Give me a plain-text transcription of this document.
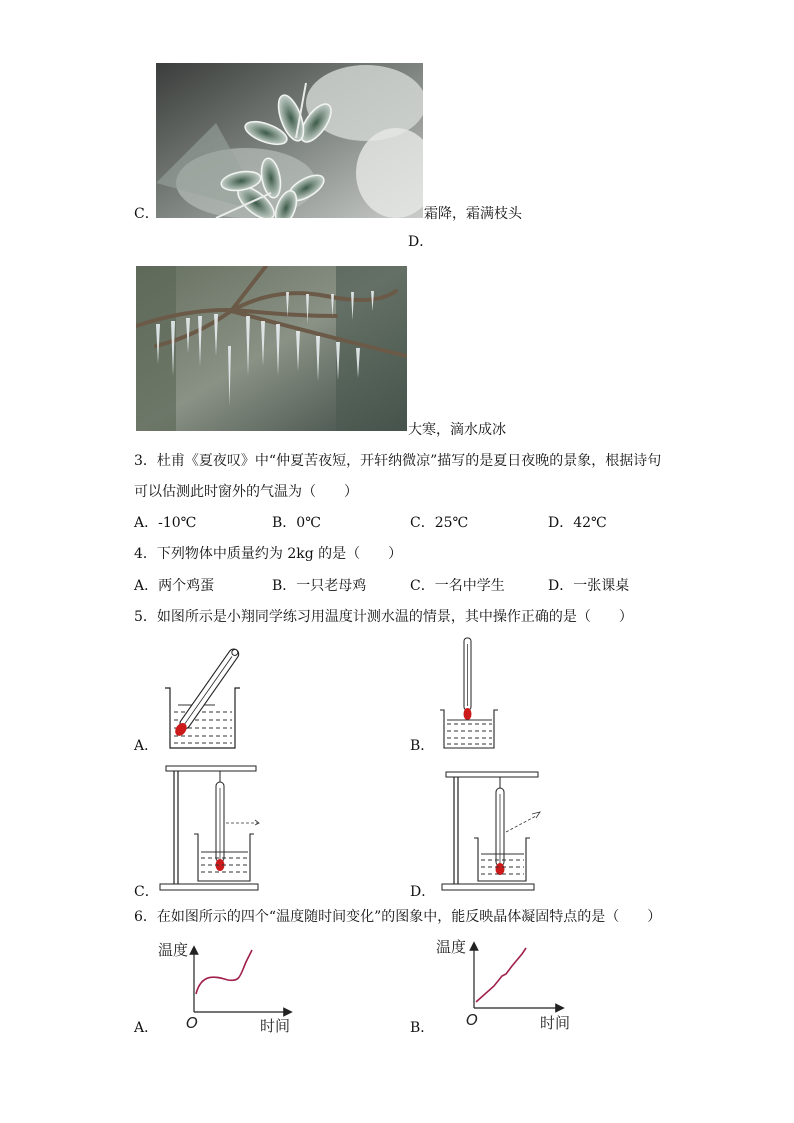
C．	霜降，霜满枝头
D．
大寒，滴水成冰
3．杜甫《夏夜叹》中“仲夏苦夜短，开轩纳微凉”描写的是夏日夜晚的景象，根据诗句
可以估测此时窗外的气温为（　　）
A．-10℃	B．0℃	C．25℃	D．42℃
4．下列物体中质量约为 2kg 的是（　　）
A．两个鸡蛋	B．一只老母鸡	C．一名中学生	D．一张课桌
5．如图所示是小翔同学练习用温度计测水温的情景，其中操作正确的是（　　）
A．	B．
C．	D．
6．在如图所示的四个“温度随时间变化”的图象中，能反映晶体凝固特点的是（　　）
温度
时间
O
A．
温度
时间
O
B．
